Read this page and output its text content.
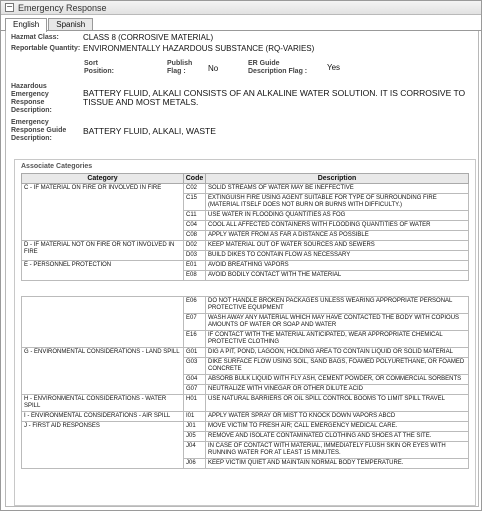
− Emergency Response
English	Spanish
Hazmat Class:	CLASS 8 (CORROSIVE MATERIAL)
Reportable Quantity: ENVIRONMENTALLY HAZARDOUS SUBSTANCE (RQ-VARIES)
Sort Position:
Publish Flag :	No
ER Guide Description Flag :	Yes
Hazardous Emergency Response Description:
BATTERY FLUID, ALKALI CONSISTS OF AN ALKALINE WATER SOLUTION. IT IS CORROSIVE TO TISSUE AND MOST METALS.
Emergency Response Guide Description:
BATTERY FLUID, ALKALI, WASTE
Associate Categories
Category	Code	Description
C - IF MATERIAL ON FIRE OR INVOLVED IN FIRE	C02	SOLID STREAMS OF WATER MAY BE INEFFECTIVE
	C15	EXTINGUISH FIRE USING AGENT SUITABLE FOR TYPE OF SURROUNDING FIRE (MATERIAL ITSELF DOES NOT BURN OR BURNS WITH DIFFICULTY.)
	C11	USE WATER IN FLOODING QUANTITIES AS FOG
	C04	COOL ALL AFFECTED CONTAINERS WITH FLOODING QUANTITIES OF WATER
	C08	APPLY WATER FROM AS FAR A DISTANCE AS POSSIBLE
D - IF MATERIAL NOT ON FIRE OR NOT INVOLVED IN FIRE	D02	KEEP MATERIAL OUT OF WATER SOURCES AND SEWERS
	D03	BUILD DIKES TO CONTAIN FLOW AS NECESSARY
E - PERSONNEL PROTECTION	E01	AVOID BREATHING VAPORS
	E08	AVOID BODILY CONTACT WITH THE MATERIAL

	E06	DO NOT HANDLE BROKEN PACKAGES UNLESS WEARING APPROPRIATE PERSONAL PROTECTIVE EQUIPMENT
	E07	WASH AWAY ANY MATERIAL WHICH MAY HAVE CONTACTED THE BODY WITH COPIOUS AMOUNTS OF WATER OR SOAP AND WATER
	E16	IF CONTACT WITH THE MATERIAL ANTICIPATED, WEAR APPROPRIATE CHEMICAL PROTECTIVE CLOTHING
G - ENVIRONMENTAL CONSIDERATIONS - LAND SPILL	G01	DIG A PIT, POND, LAGOON, HOLDING AREA TO CONTAIN LIQUID OR SOLID MATERIAL
	G03	DIKE SURFACE FLOW USING SOIL, SAND BAGS, FOAMED POLYURETHANE, OR FOAMED CONCRETE
	G04	ABSORB BULK LIQUID WITH FLY ASH, CEMENT POWDER, OR COMMERCIAL SORBENTS
	G07	NEUTRALIZE WITH VINEGAR OR OTHER DILUTE ACID
H - ENVIRONMENTAL CONSIDERATIONS - WATER SPILL	H01	USE NATURAL BARRIERS OR OIL SPILL CONTROL BOOMS TO LIMIT SPILL TRAVEL
I - ENVIRONMENTAL CONSIDERATIONS - AIR SPILL	I01	APPLY WATER SPRAY OR MIST TO KNOCK DOWN VAPORS ABCD
J - FIRST AID RESPONSES	J01	MOVE VICTIM TO FRESH AIR; CALL EMERGENCY MEDICAL CARE.
	J05	REMOVE AND ISOLATE CONTAMINATED CLOTHING AND SHOES AT THE SITE.
	J04	IN CASE OF CONTACT WITH MATERIAL, IMMEDIATELY FLUSH SKIN OR EYES WITH RUNNING WATER FOR AT LEAST 15 MINUTES.
	J06	KEEP VICTIM QUIET AND MAINTAIN NORMAL BODY TEMPERATURE.
